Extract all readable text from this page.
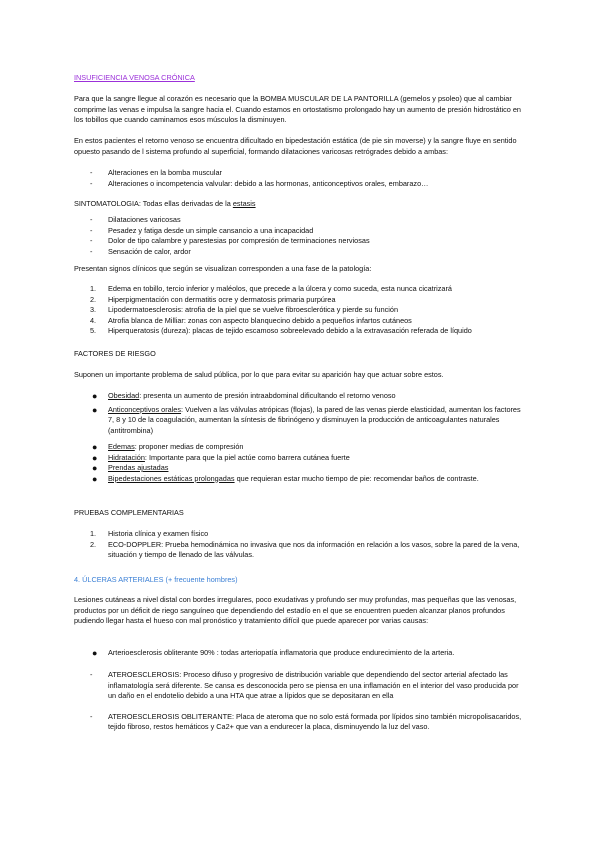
INSUFICIENCIA VENOSA CRÓNICA

Para que la sangre llegue al corazón es necesario que la BOMBA MUSCULAR DE LA PANTORILLA (gemelos y psoleo) que al cambiar comprime las venas e impulsa la sangre hacia el. Cuando estamos en ortostatismo prolongado hay un aumento de presión hidrostático en los tobillos que cuando caminamos esos músculos la disminuyen.

En estos pacientes el retorno venoso se encuentra dificultado en bipedestación estática (de pie sin moverse) y la sangre fluye en sentido opuesto pasando de l sistema profundo al superficial, formando dilataciones varicosas retrógrades debido a ambas:

- Alteraciones en la bomba muscular
- Alteraciones o incompetencia valvular: debido a las hormonas, anticonceptivos orales, embarazo…

SINTOMATOLOGIA: Todas ellas derivadas de la estasis

- Dilataciones varicosas
- Pesadez y fatiga desde un simple cansancio a una incapacidad
- Dolor de tipo calambre y parestesias por compresión de terminaciones nerviosas
- Sensación de calor, ardor

Presentan signos clínicos que según se visualizan corresponden a una fase de la patología:

1. Edema en tobillo, tercio inferior y maléolos, que precede a la úlcera y como suceda, esta nunca cicatrizará
2. Hiperpigmentación con dermatitis ocre y dermatosis primaria purpúrea
3. Lipodermatoesclerosis: atrofia de la piel que se vuelve fibroesclerótica y pierde su función
4. Atrofia blanca de Milliar: zonas con aspecto blanquecino debido a pequeños infartos cutáneos
5. Hiperqueratosis (dureza): placas de tejido escamoso sobreelevado debido a la extravasación referada de líquido

FACTORES DE RIESGO

Suponen un importante problema de salud pública, por lo que para evitar su aparición hay que actuar sobre estos.

● Obesidad: presenta un aumento de presión intraabdominal dificultando el retorno venoso
● Anticonceptivos orales: Vuelven a las válvulas atrópicas (flojas), la pared de las venas pierde elasticidad, aumentan los factores 7, 8 y 10 de la coagulación, aumentan la síntesis de fibrinógeno y disminuyen la producción de anticoagulantes naturales (antitrombina)
● Edemas: proponer medias de compresión
● Hidratación: Importante para que la piel actúe como barrera cutánea fuerte
● Prendas ajustadas
● Bipedestaciones estáticas prolongadas que requieran estar mucho tiempo de pie: recomendar baños de contraste.

PRUEBAS COMPLEMENTARIAS

1. Historia clínica y examen físico
2. ECO-DOPPLER: Prueba hemodinámica no invasiva que nos da información en relación a los vasos, sobre la pared de la vena, situación y tiempo de llenado de las válvulas.

4. ÚLCERAS ARTERIALES (+ frecuente hombres)

Lesiones cutáneas a nivel distal con bordes irregulares, poco exudativas y profundo ser muy profundas, mas pequeñas que las venosas, productos por un déficit de riego sanguíneo que dependiendo del estadío en el que se encuentren pueden alcanzar planos profundos pudiendo llegar hasta el hueso con mal pronóstico y tratamiento difícil que puede aparecer por varias causas:

● Arterioesclerosis obliterante 90% : todas arteriopatía inflamatoria que produce endurecimiento de la arteria.
- ATEROESCLEROSIS: Proceso difuso y progresivo de distribución variable que dependiendo del sector arterial afectado las inflamatología será diferente. Se cansa es desconocida pero se piensa en una inflamación en el interior del vaso producida por un daño en el endotelio debido a una HTA que atrae a lípidos que se depositaran en ella
- ATEROESCLEROSIS OBLITERANTE: Placa de ateroma que no solo está formada por lípidos sino también micropolisacaridos, tejido fibroso, restos hemáticos y Ca2+ que van a endurecer la placa, disminuyendo la luz del vaso.
